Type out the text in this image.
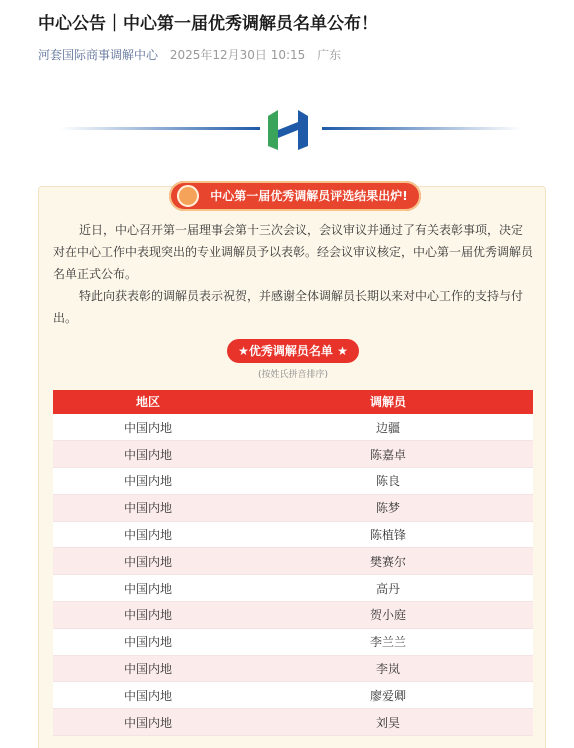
中心公告｜中心第一届优秀调解员名单公布！
河套国际商事调解中心 2025年12月30日 10:15 广东
中心第一届优秀调解员评选结果出炉!

近日，中心召开第一届理事会第十三次会议，会议审议并通过了有关表彰事项，决定对在中心工作中表现突出的专业调解员予以表彰。经会议审议核定，中心第一届优秀调解员名单正式公布。

特此向获表彰的调解员表示祝贺，并感谢全体调解员长期以来对中心工作的支持与付出。

★优秀调解员名单 ★
(按姓氏拼音排序)
地区	调解员
中国内地	边疆
中国内地	陈嘉卓
中国内地	陈良
中国内地	陈梦
中国内地	陈植锋
中国内地	樊赛尔
中国内地	高丹
中国内地	贺小庭
中国内地	李兰兰
中国内地	李岚
中国内地	廖爱卿
中国内地	刘昊
